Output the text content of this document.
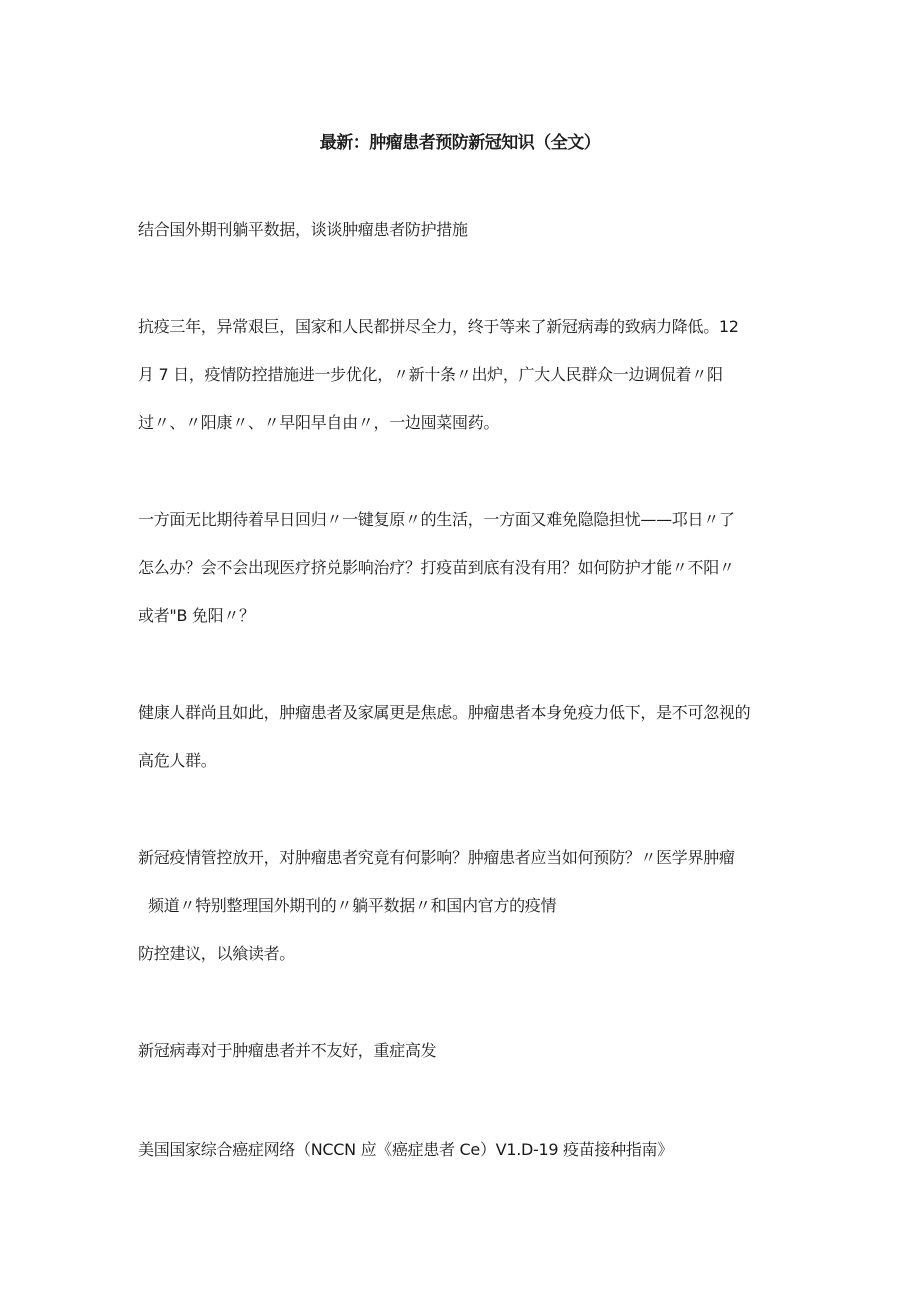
最新：肿瘤患者预防新冠知识（全文）
结合国外期刊躺平数据，谈谈肿瘤患者防护措施
抗疫三年，异常艰巨，国家和人民都拼尽全力，终于等来了新冠病毒的致病力降低。12
月 7 日，疫情防控措施进一步优化，〃新十条〃出炉，广大人民群众一边调侃着〃阳
过〃、〃阳康〃、〃早阳早自由〃，一边囤菜囤药。
一方面无比期待着早日回归〃一键复原〃的生活，一方面又难免隐隐担忧——邛日〃了
怎么办？会不会出现医疗挤兑影响治疗？打疫苗到底有没有用？如何防护才能〃不阳〃
或者"B 免阳〃？
健康人群尚且如此，肿瘤患者及家属更是焦虑。肿瘤患者本身免疫力低下，是不可忽视的
高危人群。
新冠疫情管控放开，对肿瘤患者究竟有何影响？肿瘤患者应当如何预防？〃医学界肿瘤
频道〃特别整理国外期刊的〃躺平数据〃和国内官方的疫情
防控建议，以飨读者。
新冠病毒对于肿瘤患者并不友好，重症高发
美国国家综合癌症网络（NCCN 应《癌症患者 Ce）V1.D-19 疫苗接种指南》
